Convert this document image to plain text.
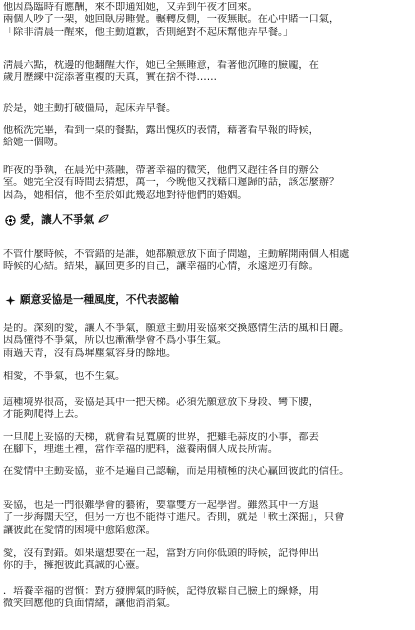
他因爲臨時有應酬，來不即通知她，又弄到午夜才回來。
兩個人吵了一架，她回臥房睡覺。輾轉反側，一夜無眠。在心中賭一口氣，
「除非清晨一醒來，他主動道歉，否則絕對不起床幫他弄早餐。」
淸晨六點，枕邊的他翻醒大作，她已全無睡意，看著他沉睡的臉龐，在
歲月歷練中淀添著重複的天真，實在捨不得……
於是，她主動打破僵局，起床弄早餐。
他梳洗完畢，看到一桌的餐點，露出愧疚的表情，藉著看早報的時候，
給她一個吻。
昨夜的爭執，在晨光中蒸融，帶著幸福的微笑，他們又趕往各自的辦公
室。她完全沒有時間去猜想，萬一，今晚他又找藉口遲歸的話，該怎麼辦？
因為，她相信，他不至於如此幾忍地對待他們的婚姻。
愛，讓人不爭氣
不管什麼時候，不管錯的是誰，她都願意放下面子問題，主動解開兩個人相處
時候的心結。結果，贏回更多的自己，讓幸福的心情，永遠逆刃有餘。
願意妥協是一種風度，不代表認輸
是的。深刻的愛，讓人不爭氣，願意主動用妥協來交換感情生活的風和日麗。
因爲懂得不爭氣，所以也漸漸學會不爲小事生氣。
雨過天青，沒有爲墀塵氣容身的餘地。
相愛，不爭氣，也不生氣。
這種境界很高，妥協是其中一把天梯。必須先願意放下身段、彎下腰，
才能夠爬得上去。
一旦爬上妥協的天梯，就會看見寬廣的世界，把雞毛蒜皮的小事，都丟
在腳下，埋進土裡，當作幸福的肥料，滋養兩個人成長所需。
在愛情中主動妥協，並不是遍自己認輸，而是用積極的決心贏回彼此的信任。
妥協，也是一門很難學會的藝術，要靠雙方一起學習。雖然其中一方退
了一步海闊天空，但另一方也不能得寸進尺。否則，就是「軟土深掘」，只會
讓彼此在愛情的困境中愈陷愈深。
愛，沒有對錯。如果還想要在一起，當對方向你低頭的時候，記得伸出
你的手，擁抱彼此真誠的心靈。
．培養幸福的習慣：對方發脾氣的時候，記得放鬆自己臉上的線條，用
微笑回應他的負面情緒，讓他消消氣。
